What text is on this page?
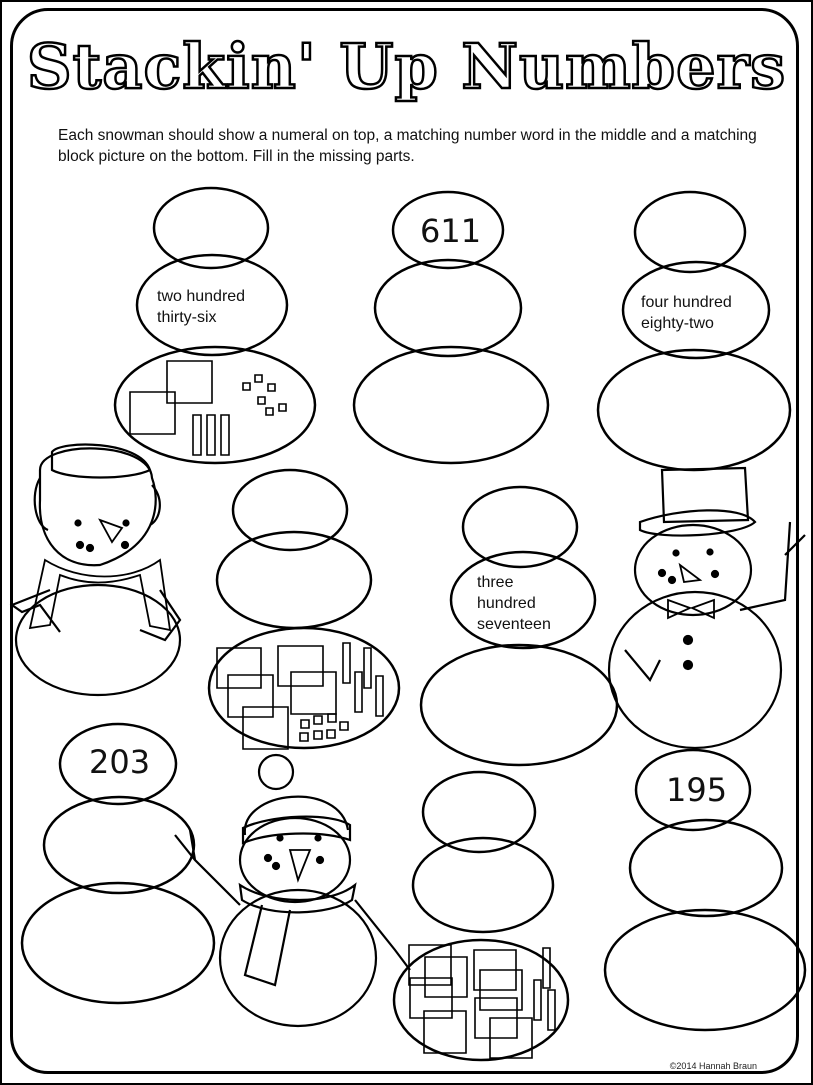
Stackin' Up Numbers
Each snowman should show a numeral on top, a matching number word in the middle and a matching block picture on the bottom. Fill in the missing parts.
two hundred
thirty-six
611
four hundred
eighty-two
three
hundred
seventeen
203
195
©2014 Hannah Braun
